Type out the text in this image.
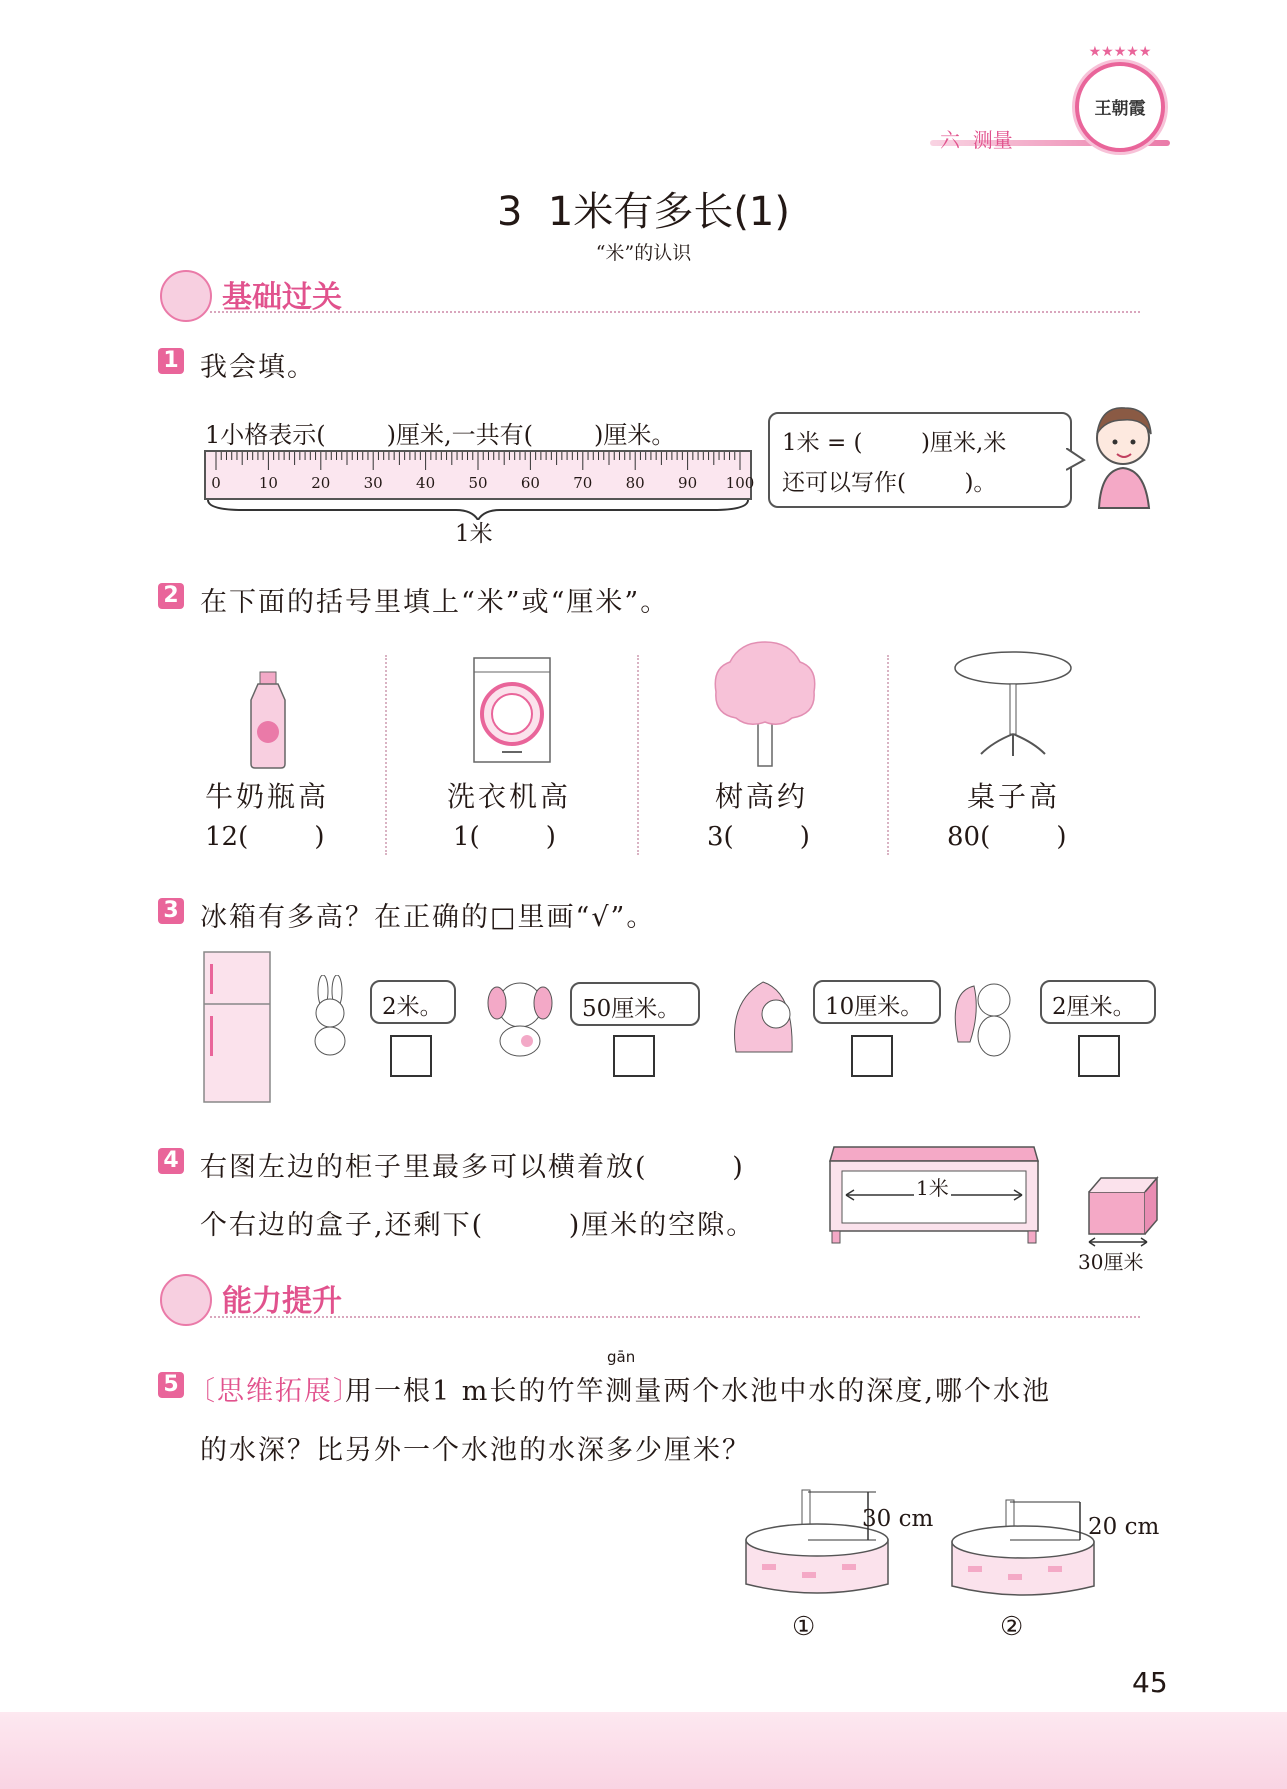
六  测量
王朝霞
★★★★★
3  1米有多长(1)
“米”的认识
基础过关
1 我会填。
1小格表示(        )厘米,一共有(        )厘米。
0	10 20 30 40 50 60 70 80 90 100
1米
1米 = (        )厘米,米
还可以写作(        )。
2 在下面的括号里填上“米”或“厘米”。
牛奶瓶高
12(        )
洗衣机高
1(        )
树高约
3(        )
桌子高
80(        )
3 冰箱有多高？在正确的□里画“√”。
2米。	50厘米。	10厘米。	2厘米。
4 右图左边的柜子里最多可以横着放(        )
个右边的盒子,还剩下(        )厘米的空隙。
1米
30厘米
能力提升
gān
5 〔思维拓展〕
用一根1 m长的竹竿测量两个水池中水的深度,哪个水池
的水深？比另外一个水池的水深多少厘米？
30 cm
①
20 cm
②
45
